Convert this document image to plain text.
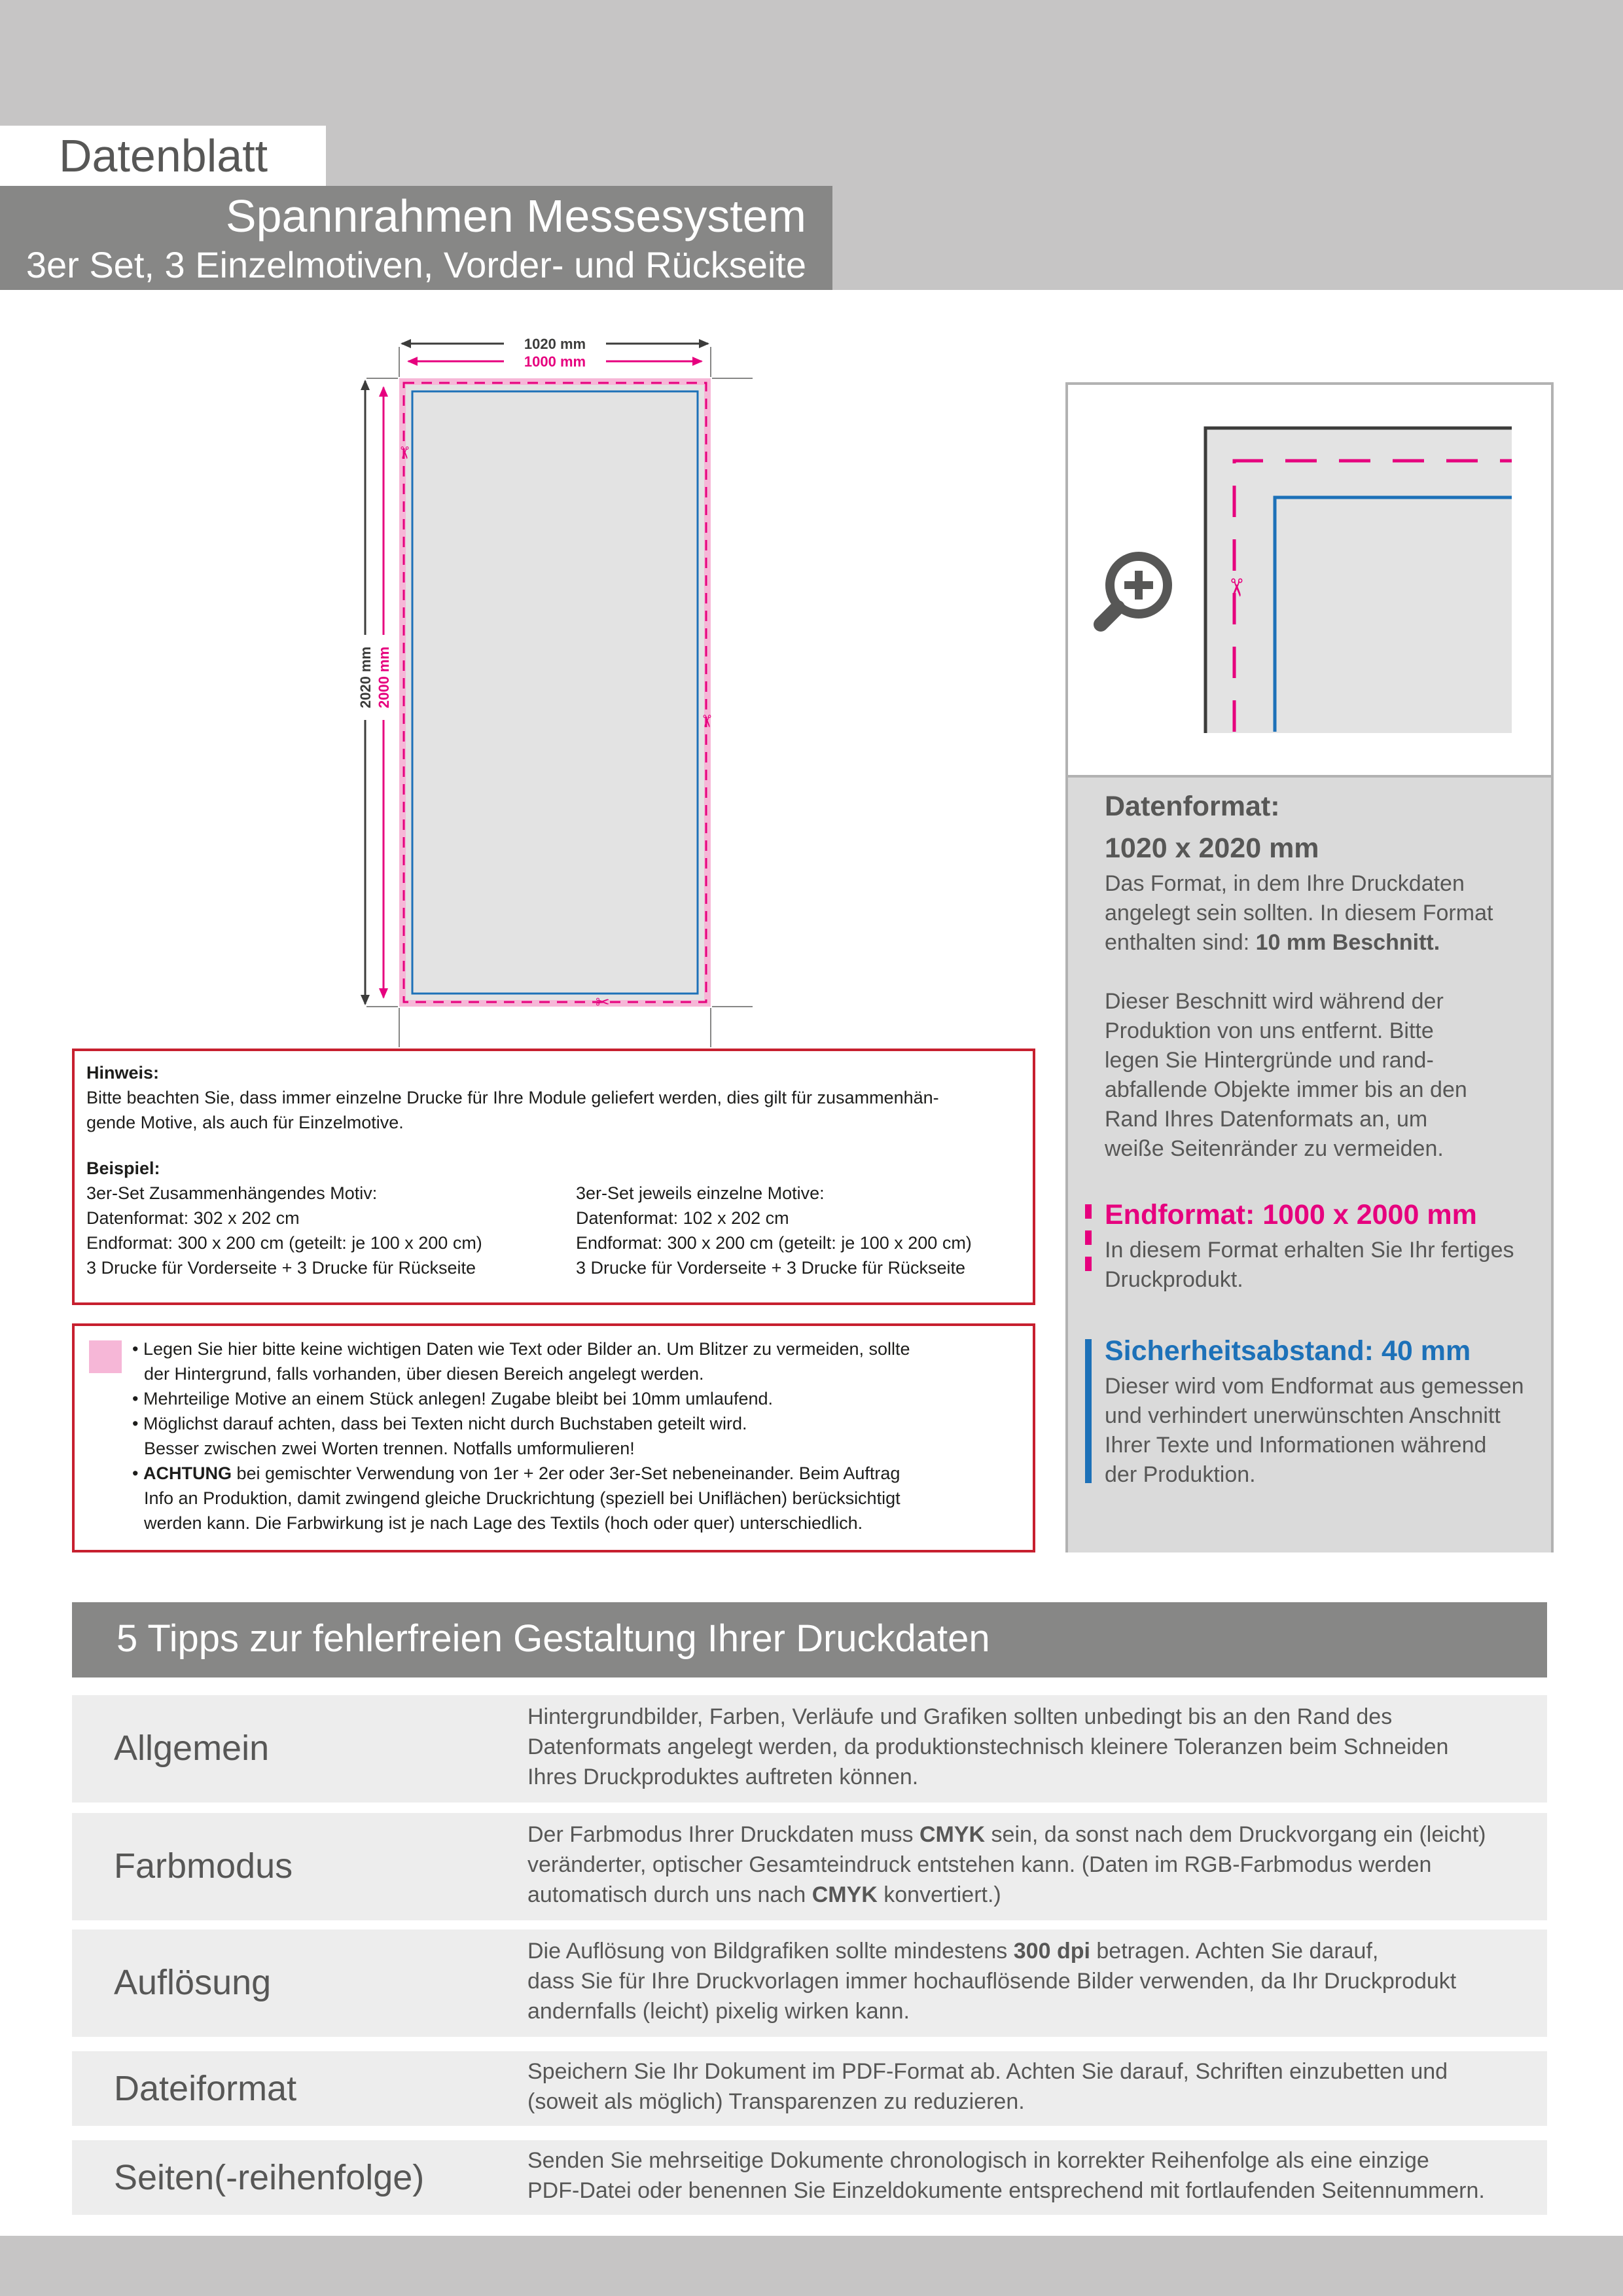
Datenblatt
Spannrahmen Messesystem
3er Set, 3 Einzelmotiven, Vorder- und Rückseite
1020 mm
1000 mm
2020 mm 2000 mm
✂
✂
✂
Hinweis:
Bitte beachten Sie, dass immer einzelne Drucke für Ihre Module geliefert werden, dies gilt für zusammenhän-
gende Motive, als auch für Einzelmotive.
Beispiel:
3er-Set Zusammenhängendes Motiv:
Datenformat: 302 x 202 cm
Endformat: 300 x 200 cm (geteilt: je 100 x 200 cm)
3 Drucke für Vorderseite + 3 Drucke für Rückseite
3er-Set jeweils einzelne Motive:
Datenformat: 102 x 202 cm
Endformat: 300 x 200 cm (geteilt: je 100 x 200 cm)
3 Drucke für Vorderseite + 3 Drucke für Rückseite
• Legen Sie hier bitte keine wichtigen Daten wie Text oder Bilder an. Um Blitzer zu vermeiden, sollte
der Hintergrund, falls vorhanden, über diesen Bereich angelegt werden.
• Mehrteilige Motive an einem Stück anlegen! Zugabe bleibt bei 10mm umlaufend.
• Möglichst darauf achten, dass bei Texten nicht durch Buchstaben geteilt wird.
Besser zwischen zwei Worten trennen. Notfalls umformulieren!
• ACHTUNG bei gemischter Verwendung von 1er + 2er oder 3er-Set nebeneinander. Beim Auftrag
Info an Produktion, damit zwingend gleiche Druckrichtung (speziell bei Uniflächen) berücksichtigt
werden kann. Die Farbwirkung ist je nach Lage des Textils (hoch oder quer) unterschiedlich.
✂
Datenformat:
1020 x 2020 mm
Das Format, in dem Ihre Druckdaten
angelegt sein sollten. In diesem Format
enthalten sind: 10 mm Beschnitt.
Dieser Beschnitt wird während der
Produktion von uns entfernt. Bitte
legen Sie Hintergründe und rand-
abfallende Objekte immer bis an den
Rand Ihres Datenformats an, um
weiße Seitenränder zu vermeiden.
Endformat: 1000 x 2000 mm
In diesem Format erhalten Sie Ihr fertiges
Druckprodukt.
Sicherheitsabstand: 40 mm
Dieser wird vom Endformat aus gemessen
und verhindert unerwünschten Anschnitt
Ihrer Texte und Informationen während
der Produktion.
5 Tipps zur fehlerfreien Gestaltung Ihrer Druckdaten
Allgemein
Hintergrundbilder, Farben, Verläufe und Grafiken sollten unbedingt bis an den Rand des
Datenformats angelegt werden, da produktionstechnisch kleinere Toleranzen beim Schneiden
Ihres Druckproduktes auftreten können.
Farbmodus
Der Farbmodus Ihrer Druckdaten muss CMYK sein, da sonst nach dem Druckvorgang ein (leicht)
veränderter, optischer Gesamteindruck entstehen kann. (Daten im RGB-Farbmodus werden
automatisch durch uns nach CMYK konvertiert.)
Auflösung
Die Auflösung von Bildgrafiken sollte mindestens 300 dpi betragen. Achten Sie darauf,
dass Sie für Ihre Druckvorlagen immer hochauflösende Bilder verwenden, da Ihr Druckprodukt
andernfalls (leicht) pixelig wirken kann.
Dateiformat	Speichern Sie Ihr Dokument im PDF-Format ab. Achten Sie darauf, Schriften einzubetten und
(soweit als möglich) Transparenzen zu reduzieren.
Seiten(-reihenfolge)	Senden Sie mehrseitige Dokumente chronologisch in korrekter Reihenfolge als eine einzige
PDF-Datei oder benennen Sie Einzeldokumente entsprechend mit fortlaufenden Seitennummern.
